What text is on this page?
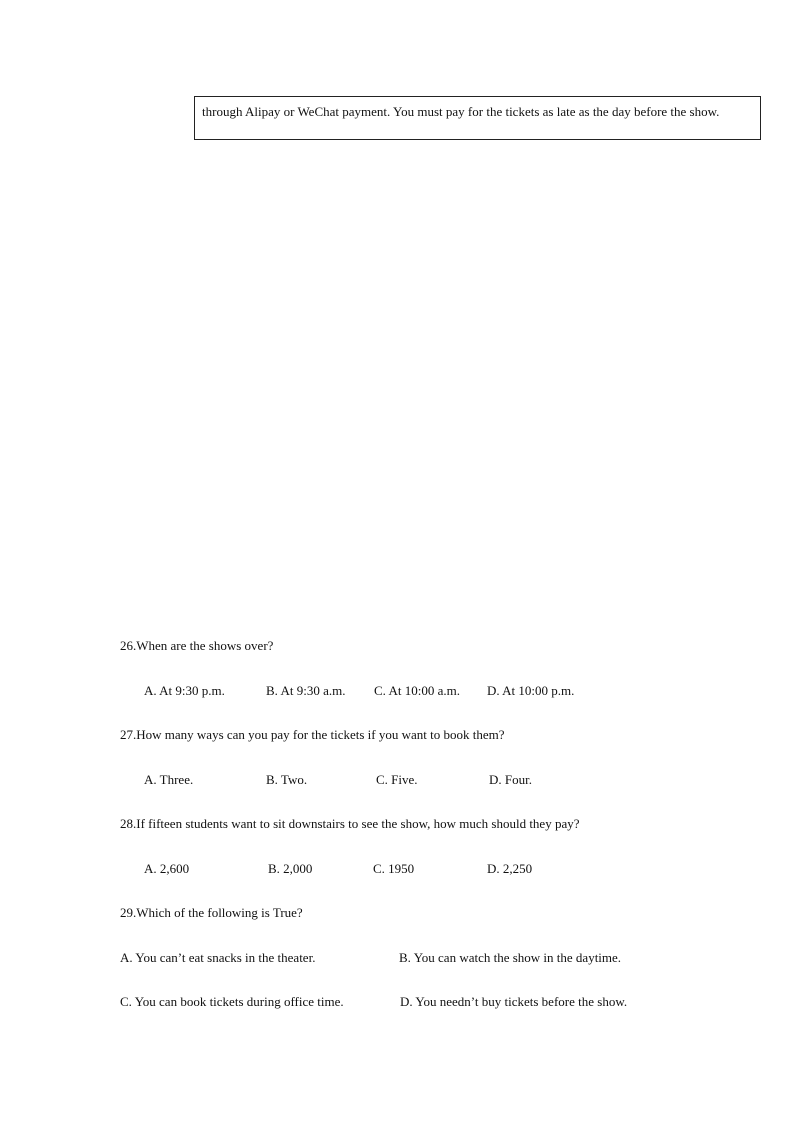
through Alipay or WeChat payment. You must pay for the tickets as late as the day before the show.
26.When are the shows over?
A. At 9:30 p.m.	B. At 9:30 a.m. C. At 10:00 a.m. D. At 10:00 p.m.
27.How many ways can you pay for the tickets if you want to book them?
A. Three.	B. Two.	C. Five.	D. Four.
28.If fifteen students want to sit downstairs to see the show, how much should they pay?
A. 2,600	B. 2,000	C. 1950	D. 2,250
29.Which of the following is True?
A. You can’t eat snacks in the theater.	B. You can watch the show in the daytime.
C. You can book tickets during office time.	D. You needn’t buy tickets before the show.
